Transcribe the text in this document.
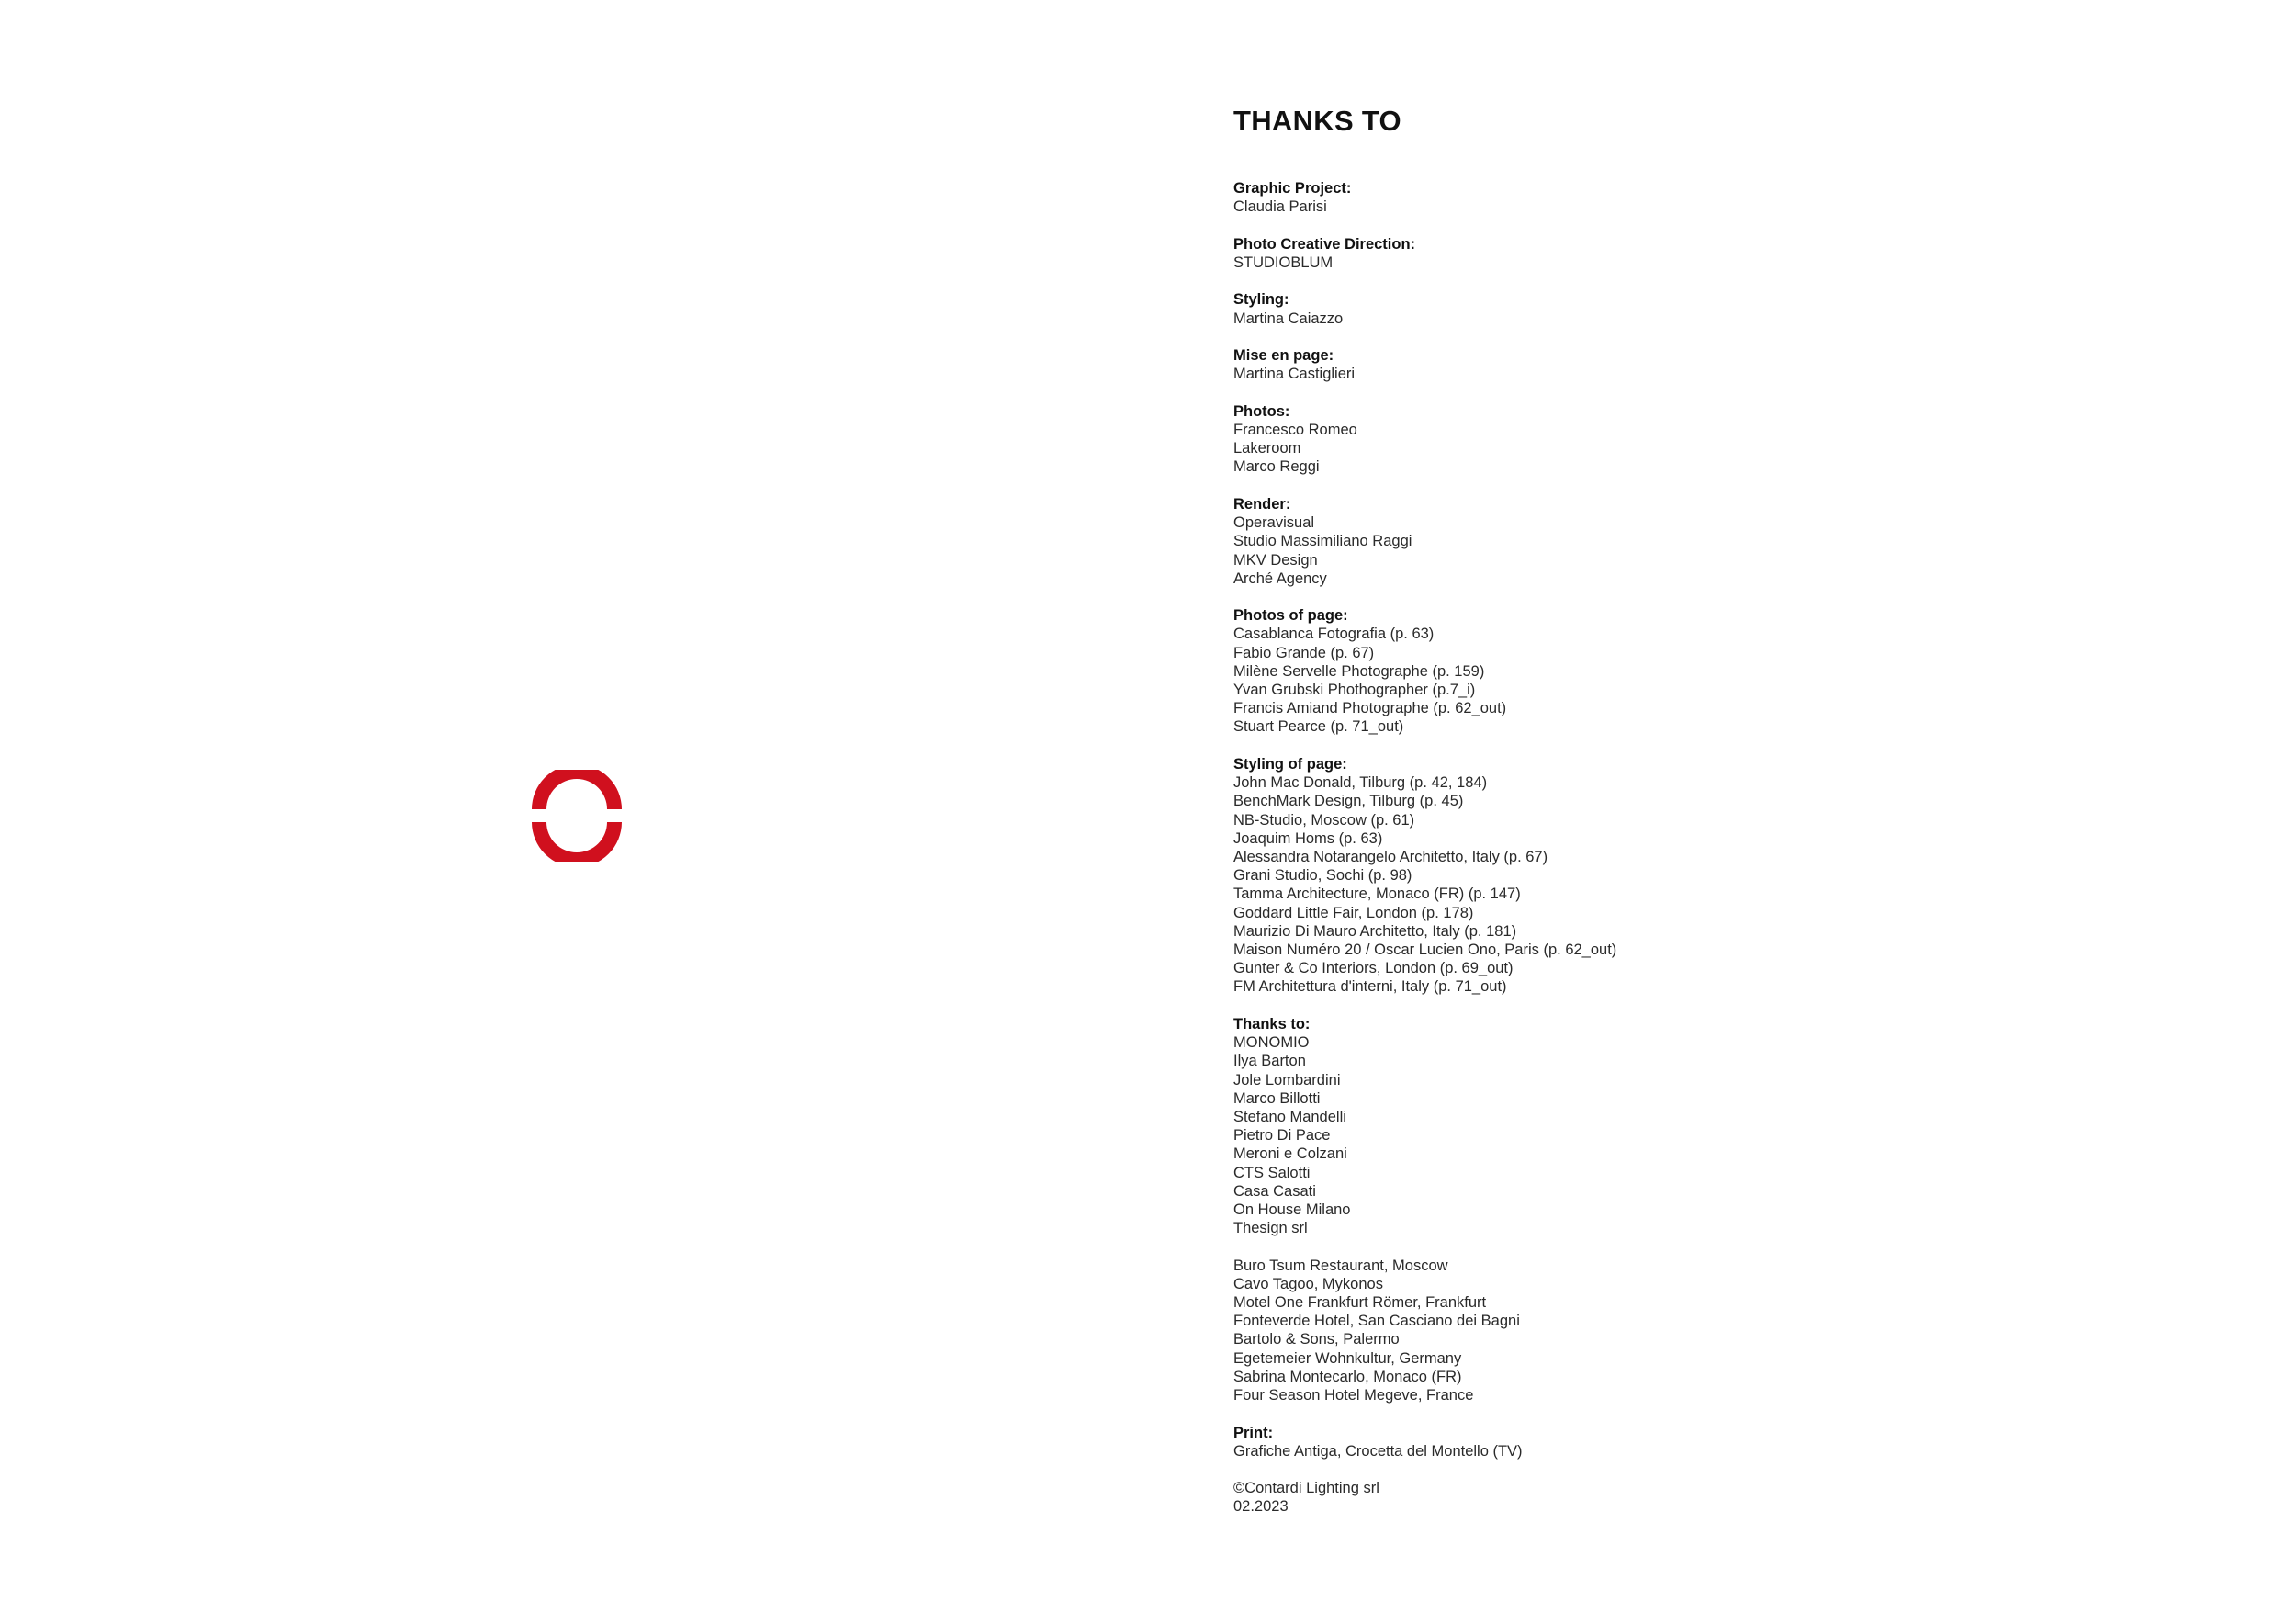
THANKS TO
Graphic Project:
Claudia Parisi
Photo Creative Direction:
STUDIOBLUM
Styling:
Martina Caiazzo
Mise en page:
Martina Castiglieri
Photos:
Francesco Romeo
Lakeroom
Marco Reggi
Render:
Operavisual
Studio Massimiliano Raggi
MKV Design
Arché Agency
Photos of page:
Casablanca Fotografia (p. 63)
Fabio Grande (p. 67)
Milène Servelle Photographe (p. 159)
Yvan Grubski Phothographer (p.7_i)
Francis Amiand Photographe (p. 62_out)
Stuart Pearce (p. 71_out)
Styling of page:
John Mac Donald, Tilburg (p. 42, 184)
BenchMark Design, Tilburg (p. 45)
NB-Studio, Moscow (p. 61)
Joaquim Homs (p. 63)
Alessandra Notarangelo Architetto, Italy (p. 67)
Grani Studio, Sochi (p. 98)
Tamma Architecture, Monaco (FR) (p. 147)
Goddard Little Fair, London (p. 178)
Maurizio Di Mauro Architetto, Italy (p. 181)
Maison Numéro 20 / Oscar Lucien Ono, Paris (p. 62_out)
Gunter & Co Interiors, London (p. 69_out)
FM Architettura d'interni, Italy (p. 71_out)
Thanks to:
MONOMIO
Ilya Barton
Jole Lombardini
Marco Billotti
Stefano Mandelli
Pietro Di Pace
Meroni e Colzani
CTS Salotti
Casa Casati
On House Milano
Thesign srl
Buro Tsum Restaurant, Moscow
Cavo Tagoo, Mykonos
Motel One Frankfurt Römer, Frankfurt
Fonteverde Hotel, San Casciano dei Bagni
Bartolo & Sons, Palermo
Egetemeier Wohnkultur, Germany
Sabrina Montecarlo, Monaco (FR)
Four Season Hotel Megeve, France
Print:
Grafiche Antiga, Crocetta del Montello (TV)
©Contardi Lighting srl
02.2023
